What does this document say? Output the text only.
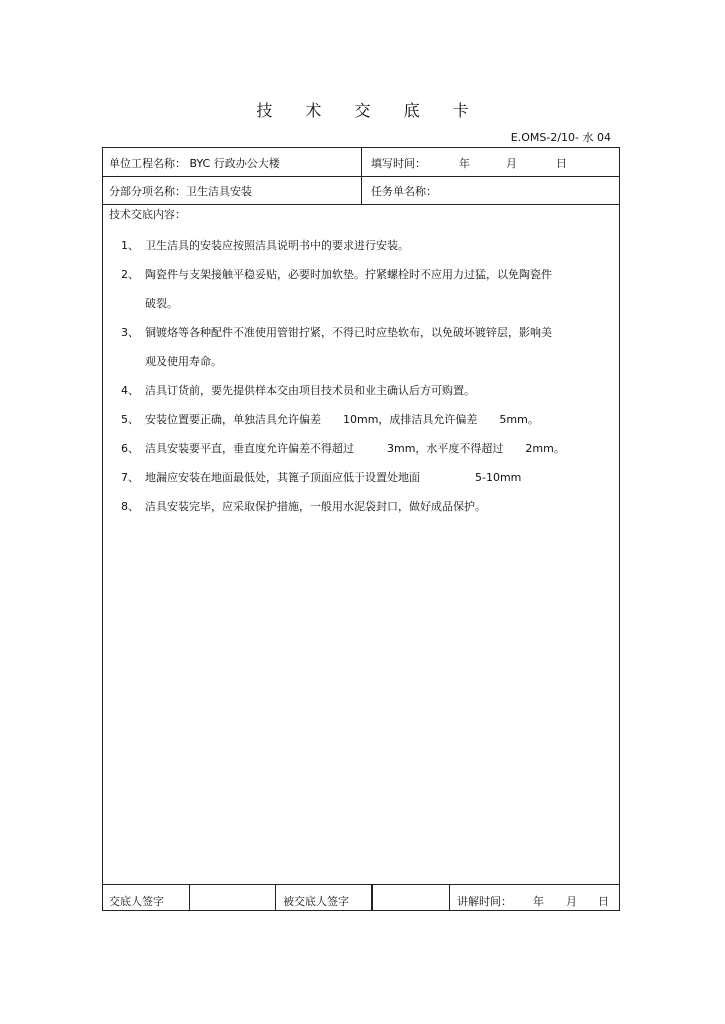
技 术 交 底 卡
E.OMS-2/10- 水 04
单位工程名称： BYC 行政办公大楼	填写时间：	年	月	日
分部分项名称：卫生洁具安装	任务单名称：
技术交底内容：
1、 卫生洁具的安装应按照洁具说明书中的要求进行安装。
2、 陶瓷件与支架接触平稳妥贴，必要时加软垫。拧紧螺栓时不应用力过猛，以免陶瓷件
破裂。
3、 铜镀烙等各种配件不准使用管钳拧紧，不得已时应垫软布，以免破坏镀锌层，影响美
观及使用寿命。
4、 洁具订货前，要先提供样本交由项目技术员和业主确认后方可购置。
5、 安装位置要正确，单独洁具允许偏差　　10mm，成排洁具允许偏差　　5mm。
6、 洁具安装要平直，垂直度允许偏差不得超过　　　3mm，水平度不得超过　　2mm。
7、 地漏应安装在地面最低处，其篦子顶面应低于设置处地面　　　　　5-10mm
8、 洁具安装完毕，应采取保护措施，一般用水泥袋封口，做好成品保护。
交底人签字	被交底人签字	讲解时间： 年 月 日
